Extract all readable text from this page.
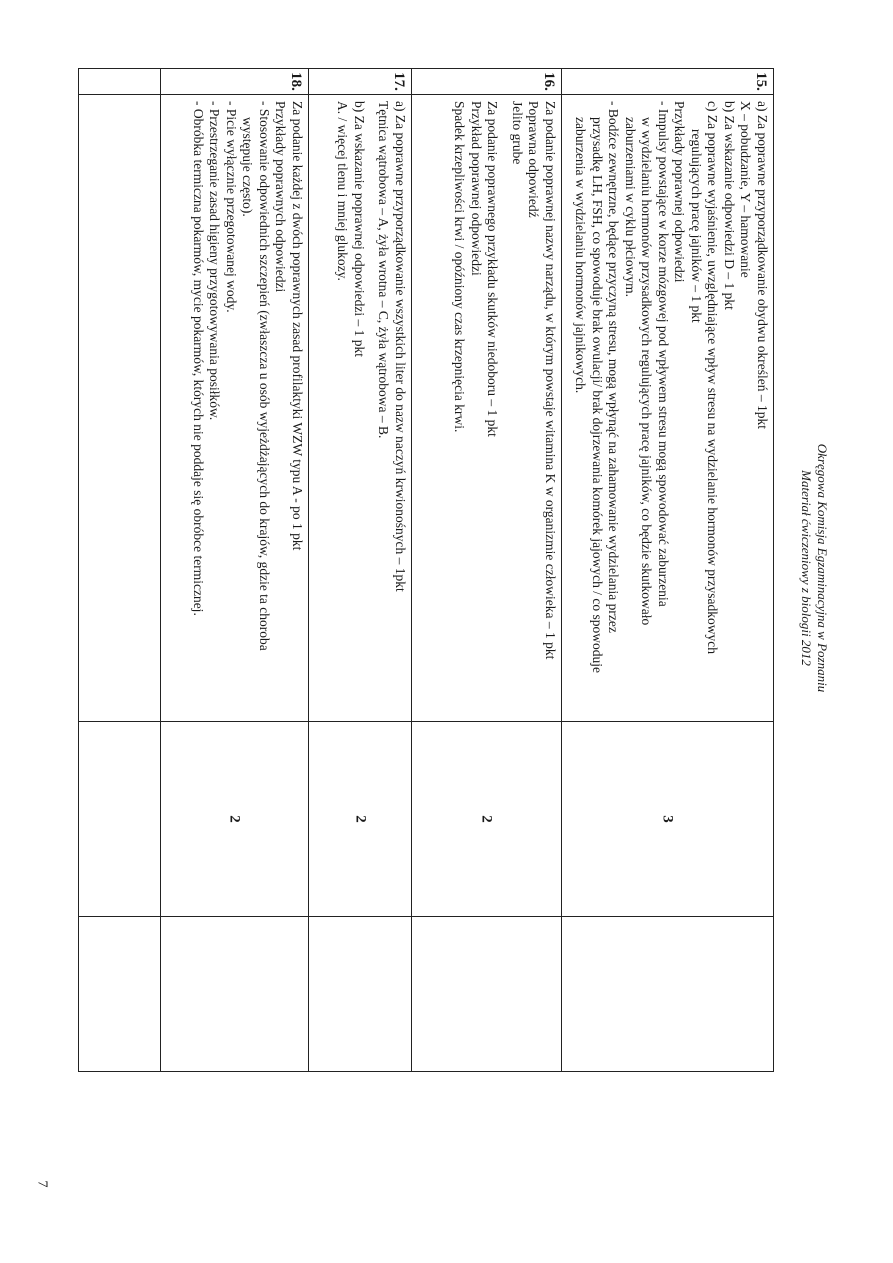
Okręgowa Komisja Egzaminacyjna w Poznaniu
Materiał ćwiczeniowy z biologii 2012
15.
a) Za poprawne przyporządkowanie obydwu określeń – 1pkt
X – pobudzanie, Y – hamowanie
b) Za wskazanie odpowiedzi D – 1 pkt
c) Za poprawne wyjaśnienie, uwzględniające wpływ stresu na wydzielanie hormonów przysadkowych
regulujących pracę jajników – 1 pkt
Przykłady poprawnej odpowiedzi
- Impulsy powstające w korze mózgowej pod wpływem stresu mogą spowodować zaburzenia
w wydzielaniu hormonów przysadkowych regulujących pracę jajników, co będzie skutkowało
zaburzeniami w cyklu płciowym.
- Bodźce zewnętrzne, będące przyczyną stresu, mogą wpłynąć na zahamowanie wydzielania przez
przysadkę LH, FSH, co spowoduje brak owulacji/ brak dojrzewania komórek jajowych / co spowoduje
zaburzenia w wydzielaniu hormonów jajnikowych.
3
16.
Za podanie poprawnej nazwy narządu, w którym powstaje witamina K w organizmie człowieka – 1 pkt
Poprawna odpowiedź
Jelito grube
Za podanie poprawnego przykładu skutków niedoboru – 1 pkt
Przykład poprawnej odpowiedzi
Spadek krzepliwości krwi / opóźniony czas krzepnięcia krwi.
2
17.
a) Za poprawne przyporządkowanie wszystkich liter do nazw naczyń krwionośnych – 1pkt
Tętnica wątrobowa – A, żyła wrotna – C, żyła wątrobowa – B.
b) Za wskazanie poprawnej odpowiedzi – 1 pkt
A. / więcej tlenu i mniej glukozy.
2
18.
Za podanie każdej z dwóch poprawnych zasad profilaktyki WZW typu A - po 1 pkt
Przykłady poprawnych odpowiedzi
- Stosowanie odpowiednich szczepień (zwłaszcza u osób wyjeżdżających do krajów, gdzie ta choroba
występuje często).
- Picie wyłącznie przegotowanej wody.
- Przestrzeganie zasad higieny przygotowywania posiłków.
- Obróbka termiczna pokarmów, mycie pokarmów, których nie poddaje się obróbce termicznej.
2
7
